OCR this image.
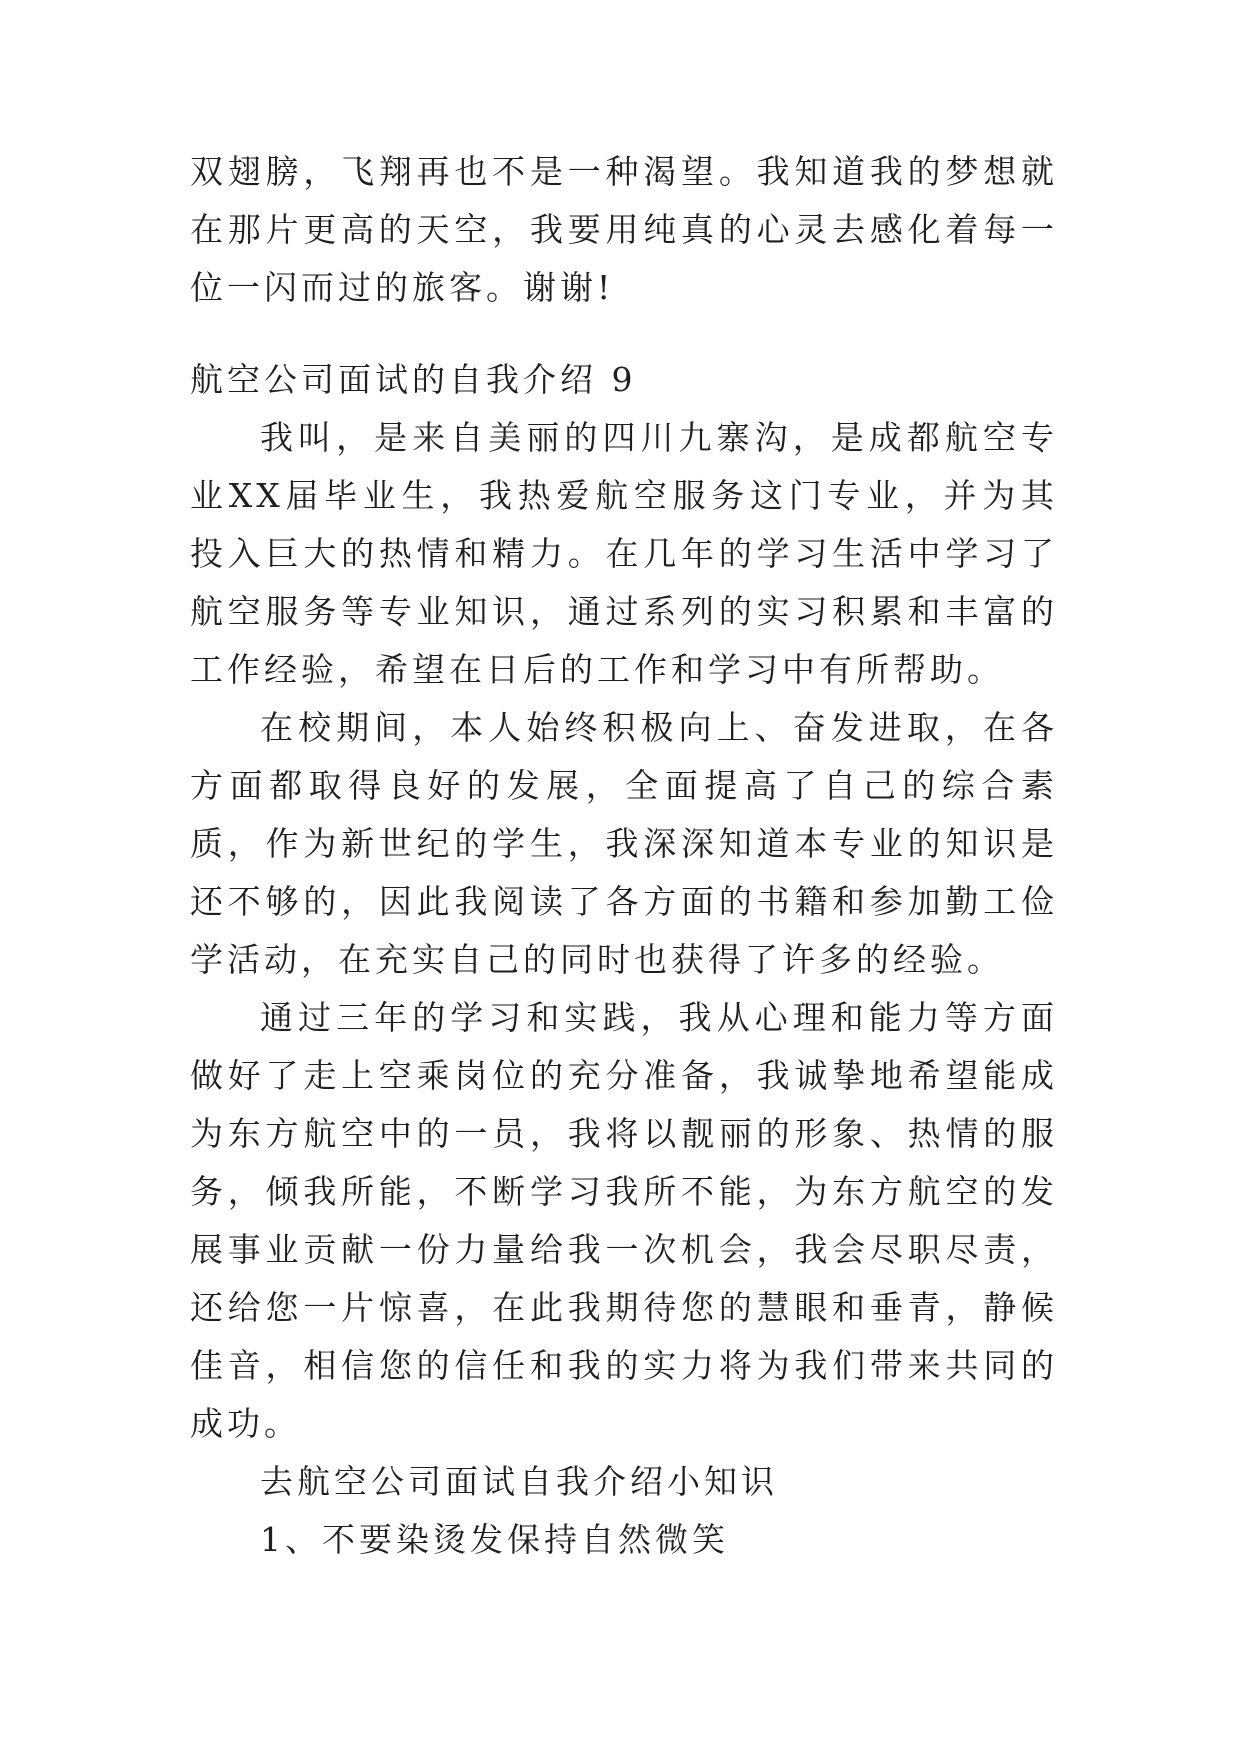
双翅膀，飞翔再也不是一种渴望。我知道我的梦想就在那片更高的天空，我要用纯真的心灵去感化着每一位一闪而过的旅客。谢谢!

航空公司面试的自我介绍 9

我叫，是来自美丽的四川九寨沟，是成都航空专业XX届毕业生，我热爱航空服务这门专业，并为其投入巨大的热情和精力。在几年的学习生活中学习了航空服务等专业知识，通过系列的实习积累和丰富的工作经验，希望在日后的工作和学习中有所帮助。

在校期间，本人始终积极向上、奋发进取，在各方面都取得良好的发展，全面提高了自己的综合素质，作为新世纪的学生，我深深知道本专业的知识是还不够的，因此我阅读了各方面的书籍和参加勤工俭学活动，在充实自己的同时也获得了许多的经验。

通过三年的学习和实践，我从心理和能力等方面做好了走上空乘岗位的充分准备，我诚挚地希望能成为东方航空中的一员，我将以靓丽的形象、热情的服务，倾我所能，不断学习我所不能，为东方航空的发展事业贡献一份力量给我一次机会，我会尽职尽责，还给您一片惊喜，在此我期待您的慧眼和垂青，静候佳音，相信您的信任和我的实力将为我们带来共同的成功。

去航空公司面试自我介绍小知识

1、不要染烫发保持自然微笑
